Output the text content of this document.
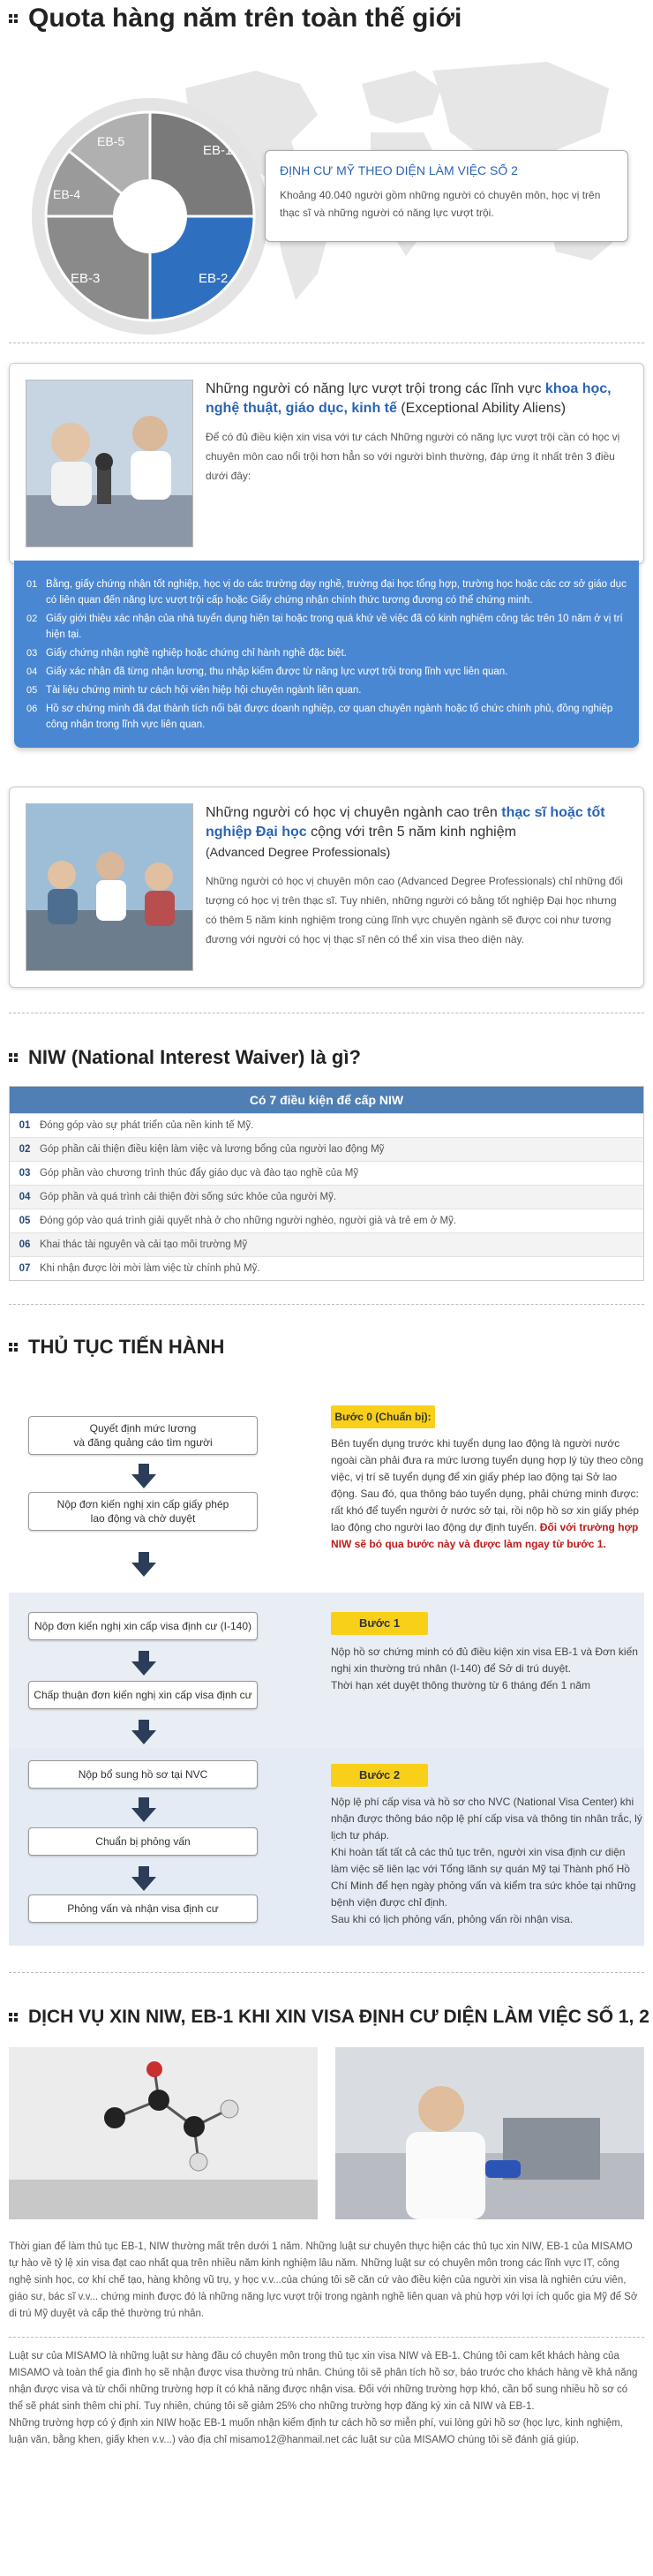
Quota hàng năm trên toàn thế giới
EB-1
EB-2
EB-3
EB-4
EB-5
ĐỊNH CƯ MỸ THEO DIỆN LÀM VIỆC SỐ 2

Khoảng 40.040 người gồm những người có chuyên môn, học vị trên thạc sĩ và những người có năng lực vượt trội.

Những người có năng lực vượt trội trong các lĩnh vực khoa học, nghệ thuật, giáo dục, kinh tế (Exceptional Ability Aliens)

Để có đủ điều kiện xin visa với tư cách Những người có năng lực vượt trội cần có học vị chuyên môn cao nổi trội hơn hẳn so với người bình thường, đáp ứng ít nhất trên 3 điều dưới đây:

01 Bằng, giấy chứng nhận tốt nghiệp, học vị do các trường dạy nghề, trường đại học tổng hợp, trường học hoặc các cơ sở giáo dục có liên quan đến năng lực vượt trội cấp hoặc Giấy chứng nhận chính thức tương đương có thể chứng minh.
02 Giấy giới thiệu xác nhận của nhà tuyển dụng hiện tại hoặc trong quá khứ về việc đã có kinh nghiệm công tác trên 10 năm ở vị trí hiện tại.
03 Giấy chứng nhận nghề nghiệp hoặc chứng chỉ hành nghề đặc biệt.
04 Giấy xác nhận đã từng nhận lương, thu nhập kiếm được từ năng lực vượt trội trong lĩnh vực liên quan.
05 Tài liệu chứng minh tư cách hội viên hiệp hội chuyên ngành liên quan.
06 Hồ sơ chứng minh đã đạt thành tích nổi bật được doanh nghiệp, cơ quan chuyên ngành hoặc tổ chức chính phủ, đồng nghiệp công nhận trong lĩnh vực liên quan.
Những người có học vị chuyên ngành cao trên thạc sĩ hoặc tốt nghiệp Đại học cộng với trên 5 năm kinh nghiệm
(Advanced Degree Professionals)

Những người có học vị chuyên môn cao (Advanced Degree Professionals) chỉ những đối tượng có học vị trên thạc sĩ. Tuy nhiên, những người có bằng tốt nghiệp Đại học nhưng có thêm 5 năm kinh nghiệm trong cùng lĩnh vực chuyên ngành sẽ được coi như tương đương với người có học vị thạc sĩ nên có thể xin visa theo diện này.

NIW (National Interest Waiver) là gì?
Có 7 điều kiện để cấp NIW
01 Đóng góp vào sự phát triển của nền kinh tế Mỹ.
02 Góp phần cải thiện điều kiện làm việc và lương bổng của người lao động Mỹ
03 Góp phần vào chương trình thúc đẩy giáo dục và đào tạo nghề của Mỹ
04 Góp phần và quá trình cải thiện đời sống sức khỏe của người Mỹ.
05 Đóng góp vào quá trình giải quyết nhà ở cho những người nghèo, người già và trẻ em ở Mỹ.
06 Khai thác tài nguyên và cải tạo môi trường Mỹ
07 Khi nhận được lời mời làm việc từ chính phủ Mỹ.
THỦ TỤC TIẾN HÀNH
Quyết định mức lương
và đăng quảng cáo tìm người
Nộp đơn kiến nghị xin cấp giấy phép
lao động và chờ duyệt
Nộp đơn kiến nghị xin cấp visa định cư (I-140)
Chấp thuận đơn kiến nghị xin cấp visa định cư
Nộp bổ sung hồ sơ tại NVC
Chuẩn bị phỏng vấn
Phỏng vấn và nhận visa định cư
Bước 0 (Chuẩn bị):
Bên tuyển dụng trước khi tuyển dụng lao động là người nước ngoài cần phải đưa ra mức lương tuyển dụng hợp lý tùy theo công việc, vị trí sẽ tuyển dụng để xin giấy phép lao động tại Sở lao động. Sau đó, qua thông báo tuyển dụng, phải chứng minh được: rất khó để tuyển người ở nước sở tại, rồi nộp hồ sơ xin giấy phép lao động cho người lao động dự định tuyển. Đối với trường hợp NIW sẽ bỏ qua bước này và được làm ngay từ bước 1.
Bước 1
Nộp hồ sơ chứng minh có đủ điều kiện xin visa EB-1 và Đơn kiến nghị xin thường trú nhân (I-140) để Sở di trú duyệt.
Thời hạn xét duyệt thông thường từ 6 tháng đến 1 năm
Bước 2
Nộp lệ phí cấp visa và hồ sơ cho NVC (National Visa Center) khi nhận được thông báo nộp lệ phí cấp visa và thông tin nhân trắc, lý lịch tư pháp.
Khi hoàn tất tất cả các thủ tục trên, người xin visa định cư diện làm việc sẽ liên lạc với Tổng lãnh sự quán Mỹ tại Thành phố Hồ Chí Minh để hẹn ngày phỏng vấn và kiểm tra sức khỏe tại những bệnh viện được chỉ định.
Sau khi có lịch phỏng vấn, phỏng vấn rồi nhận visa.
DỊCH VỤ XIN NIW, EB-1 KHI XIN VISA ĐỊNH CƯ DIỆN LÀM VIỆC SỐ 1, 2

Thời gian để làm thủ tục EB-1, NIW thường mất trên dưới 1 năm. Những luật sư chuyên thực hiện các thủ tục xin NIW, EB-1 của MISAMO tự hào về tỷ lệ xin visa đạt cao nhất qua trên nhiều năm kinh nghiệm lâu năm. Những luật sư có chuyên môn trong các lĩnh vực IT, công nghệ sinh học, cơ khí chế tạo, hàng không vũ trụ, y học v.v...của chúng tôi sẽ căn cứ vào điều kiện của người xin visa là nghiên cứu viên, giáo sư, bác sĩ v.v... chứng minh được đó là những năng lực vượt trội trong ngành nghề liên quan và phù hợp với lợi ích quốc gia Mỹ để Sở di trú Mỹ duyệt và cấp thẻ thường trú nhân.

Luật sư của MISAMO là những luật sư hàng đầu có chuyên môn trong thủ tục xin visa NIW và EB-1. Chúng tôi cam kết khách hàng của MISAMO và toàn thể gia đình họ sẽ nhận được visa thường trú nhân. Chúng tôi sẽ phân tích hồ sơ, báo trước cho khách hàng về khả năng nhận được visa và từ chối những trường hợp ít có khả năng được nhận visa. Đối với những trường hợp khó, cần bổ sung nhiều hồ sơ có thể sẽ phát sinh thêm chi phí. Tuy nhiên, chúng tôi sẽ giảm 25% cho những trường hợp đăng ký xin cả NIW và EB-1.
Những trường hợp có ý định xin NIW hoặc EB-1 muốn nhận kiểm định tư cách hồ sơ miễn phí, vui lòng gửi hồ sơ (học lực, kinh nghiệm, luận văn, bằng khen, giấy khen v.v...) vào địa chỉ misamo12@hanmail.net các luật sư của MISAMO chúng tôi sẽ đánh giá giúp.
